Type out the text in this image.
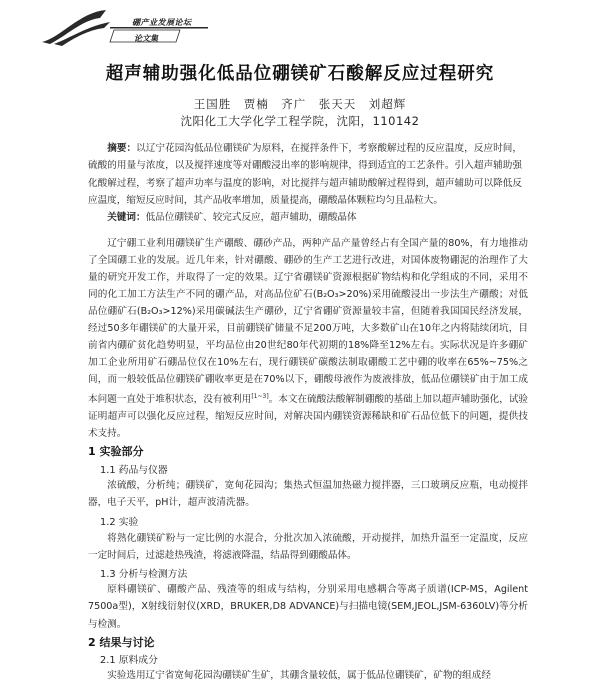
硼产业发展论坛
论文集
超声辅助强化低品位硼镁矿石酸解反应过程研究
王国胜　贾楠　齐广　张天天　刘超辉
沈阳化工大学化学工程学院，沈阳，110142

摘要：以辽宁花园沟低品位硼镁矿为原料，在搅拌条件下，考察酸解过程的反应温度，反应时间，硫酸的用量与浓度，以及搅拌速度等对硼酸浸出率的影响规律，得到适宜的工艺条件。引入超声辅助强化酸解过程，考察了超声功率与温度的影响，对比搅拌与超声辅助酸解过程得到，超声辅助可以降低反应温度，缩短反应时间，其产品收率增加，质量提高，硼酸晶体颗粒均匀且晶粒大。

关键词：低品位硼镁矿、较完式反应，超声辅助，硼酸晶体

辽宁硼工业利用硼镁矿生产硼酸、硼砂产品，两种产品产量曾经占有全国产量的80%，有力地推动了全国硼工业的发展。近几年来，针对硼酸、硼砂的生产工艺进行改进，对国体废物硼泥的治理作了大量的研究开发工作，并取得了一定的效果。辽宁省硼镁矿资源根据矿物结构和化学组成的不同，采用不同的化工加工方法生产不同的硼产品，对高品位矿石(B₂O₃>20%)采用硫酸浸出一步法生产硼酸；对低品位硼矿石(B₂O₃>12%)采用碳碱法生产硼砂，辽宁省硼矿资源量较丰富，但随着我国国民经济发展，经过50多年硼镁矿的大量开采，目前硼镁矿储量不足200万吨，大多数矿山在10年之内将陆续闭坑，目前省内硼矿贫化趋势明显，平均品位由20世纪80年代初期的18%降至12%左右。实际状况是许多硼矿加工企业所用矿石硼品位仅在10%左右，现行硼镁矿碳酸法制取硼酸工艺中硼的收率在65%~75%之间，而一般较低品位硼镁矿硼收率更是在70%以下，硼酸母液作为废液排放，低品位硼镁矿由于加工成本问题一直处于堆积状态，没有被利用[1~3]。本文在硫酸法酸解制硼酸的基础上加以超声辅助强化，试验证明超声可以强化反应过程，缩短反应时间，对解决国内硼镁资源稀缺和矿石品位低下的问题，提供技术支持。

1 实验部分
1.1 药品与仪器

浓硫酸，分析纯；硼镁矿，宽甸花园沟；集热式恒温加热磁力搅拌器，三口玻璃反应瓶，电动搅拌器，电子天平，pH计，超声波清洗器。

1.2 实验

将熟化硼镁矿粉与一定比例的水混合，分批次加入浓硫酸，开动搅拌，加热升温至一定温度，反应一定时间后，过滤趁热残渣，将滤液降温，结晶得到硼酸晶体。

1.3 分析与检测方法

原料硼镁矿、硼酸产品、残渣等的组成与结构，分别采用电感耦合等离子质谱(ICP-MS，Agilent 7500a型)，X射线衍射仪(XRD，BRUKER,D8 ADVANCE)与扫描电镜(SEM,JEOL,JSM-6360LV)等分析与检测。

2 结果与讨论
2.1 原料成分

实验选用辽宁省宽甸花园沟硼镁矿生矿，其硼含量较低，属于低品位硼镁矿，矿物的组成经
